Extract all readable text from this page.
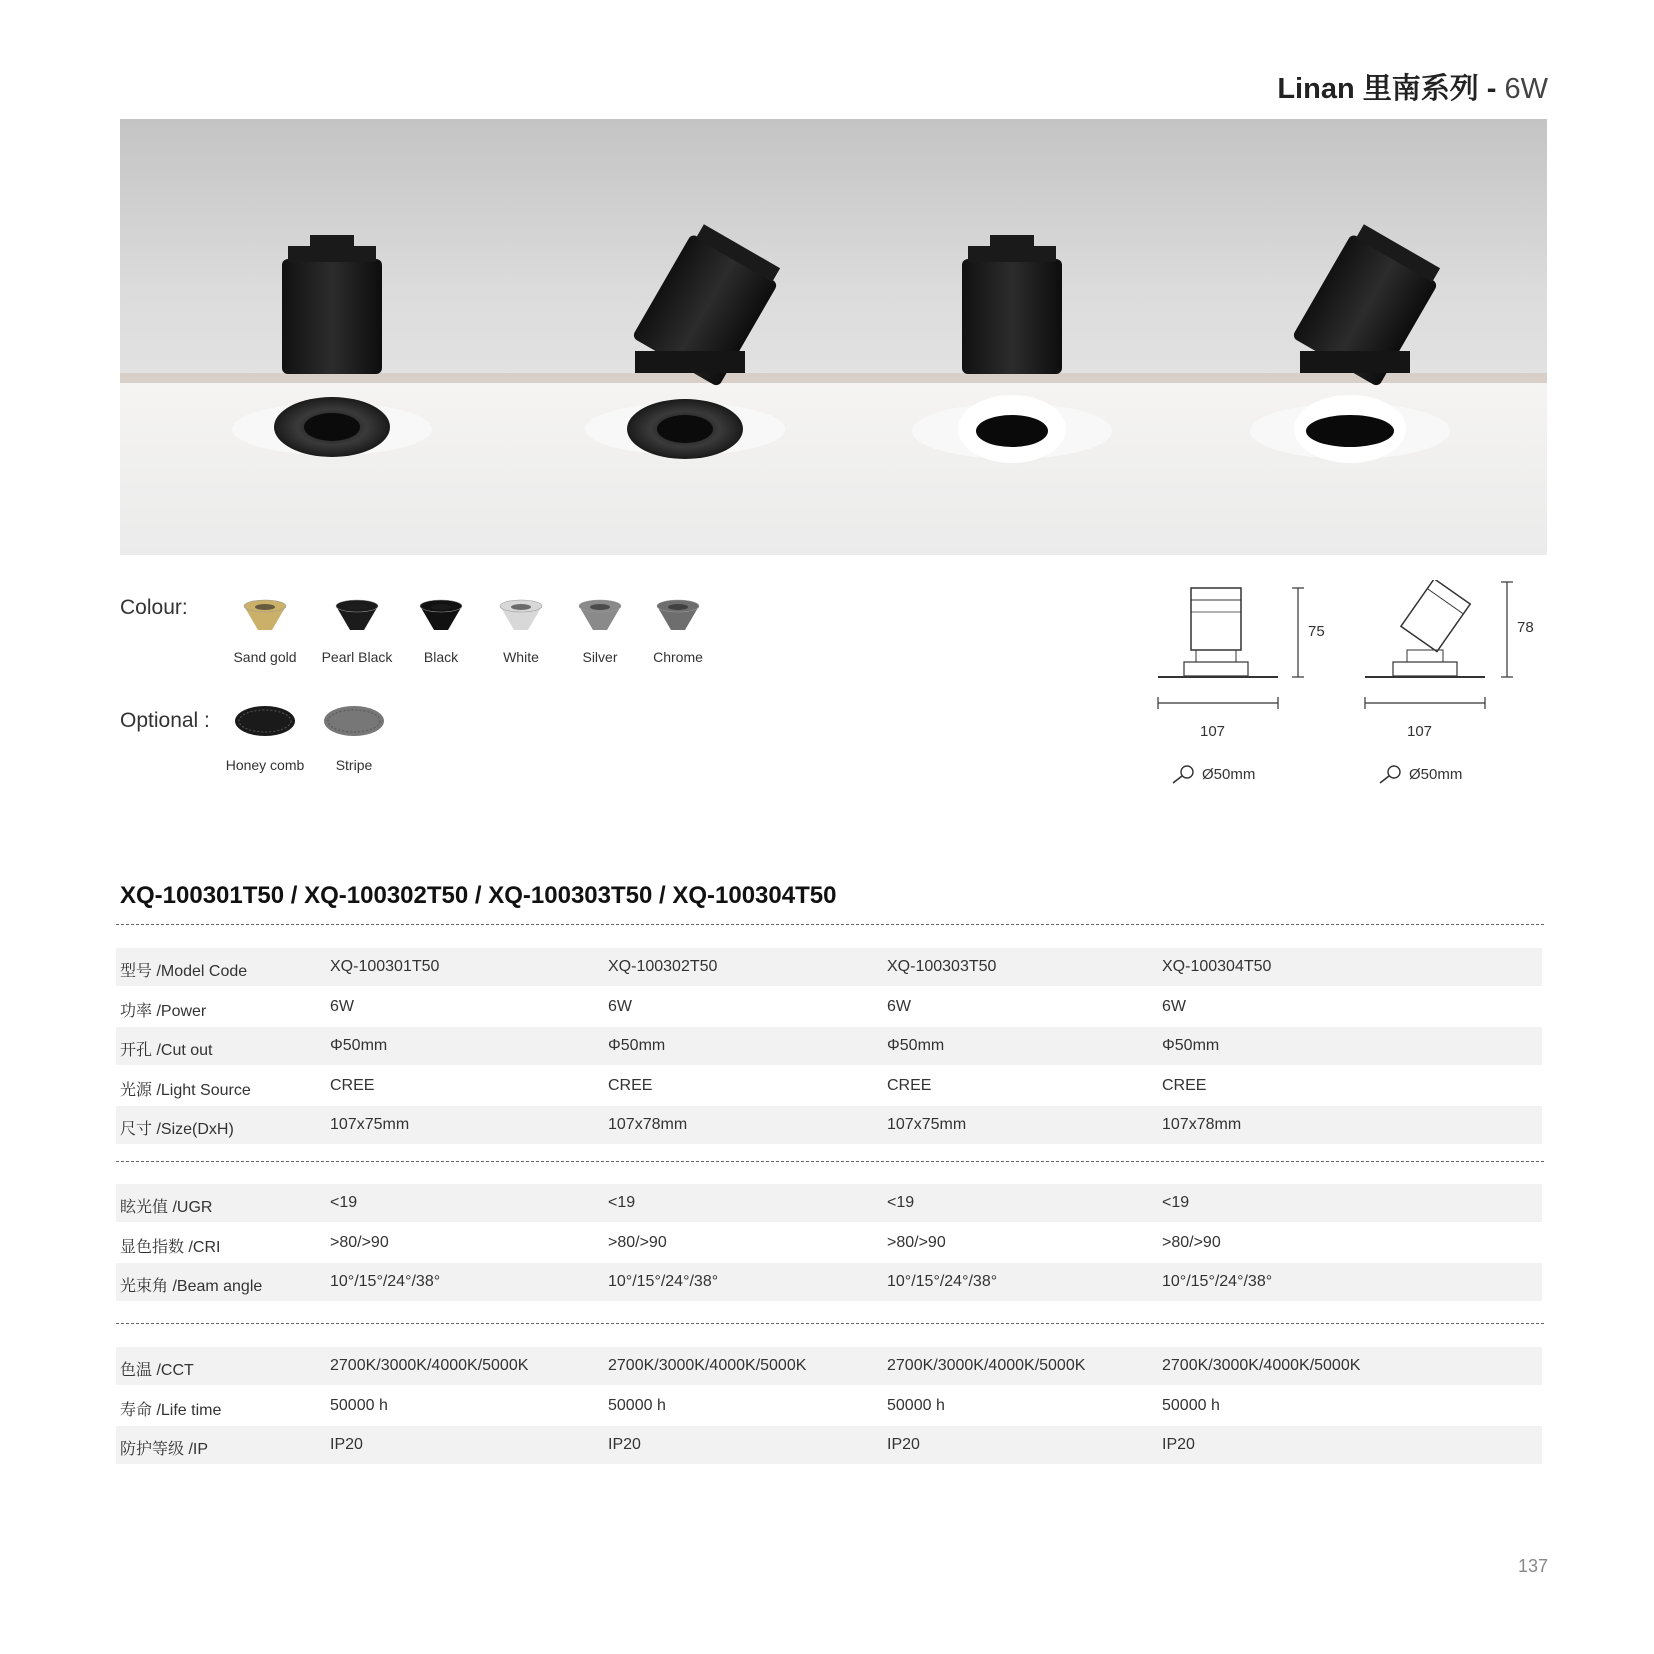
Linan 里南系列 - 6W
Colour:
Sand gold	Pearl Black	Black	White	Silver	Chrome
Optional :
Honey comb	Stripe
75
107
Ø50mm
78
107
Ø50mm
XQ-100301T50 / XQ-100302T50 / XQ-100303T50 / XQ-100304T50
型号 /Model Code	XQ-100301T50	XQ-100302T50	XQ-100303T50	XQ-100304T50
功率 /Power	6W	6W	6W	6W
开孔 /Cut out	Φ50mm	Φ50mm	Φ50mm	Φ50mm
光源 /Light Source	CREE	CREE	CREE	CREE
尺寸 /Size(DxH)	107x75mm	107x78mm	107x75mm	107x78mm
眩光值 /UGR	<19	<19	<19	<19
显色指数 /CRI	>80/>90	>80/>90	>80/>90	>80/>90
光束角 /Beam angle	10°/15°/24°/38°	10°/15°/24°/38°	10°/15°/24°/38°	10°/15°/24°/38°
色温 /CCT	2700K/3000K/4000K/5000K	2700K/3000K/4000K/5000K	2700K/3000K/4000K/5000K	2700K/3000K/4000K/5000K
寿命 /Life time	50000 h	50000 h	50000 h	50000 h
防护等级 /IP	IP20	IP20	IP20	IP20
137
